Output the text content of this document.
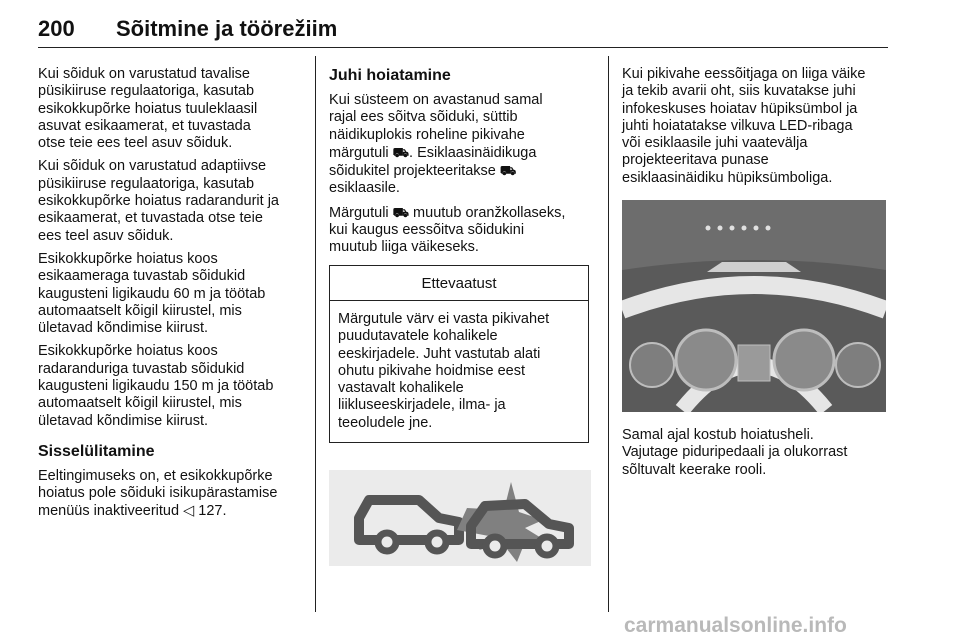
200 Sõitmine ja töörežiim

Kui sõiduk on varustatud tavalise
püsikiiruse regulaatoriga, kasutab
esikokkupõrke hoiatus tuuleklaasil
asuvat esikaamerat, et tuvastada
otse teie ees teel asuv sõiduk.

Kui sõiduk on varustatud adaptiivse
püsikiiruse regulaatoriga, kasutab
esikokkupõrke hoiatus radarandurit ja
esikaamerat, et tuvastada otse teie
ees teel asuv sõiduk.

Esikokkupõrke hoiatus koos
esikaameraga tuvastab sõidukid
kaugusteni ligikaudu 60 m ja töötab
automaatselt kõigil kiirustel, mis
ületavad kõndimise kiirust.

Esikokkupõrke hoiatus koos
radaranduriga tuvastab sõidukid
kaugusteni ligikaudu 150 m ja töötab
automaatselt kõigil kiirustel, mis
ületavad kõndimise kiirust.

Sisselülitamine

Eeltingimuseks on, et esikokkupõrke
hoiatus pole sõiduki isikupärastamise
menüüs inaktiveeritud ◁ 127.

Juhi hoiatamine

Kui süsteem on avastanud samal
rajal ees sõitva sõiduki, süttib
näidikuplokis roheline pikivahe
märgutuli ⛟. Esiklaasinäidikuga
sõidukitel projekteeritakse ⛟
esiklaasile.

Märgutuli ⛟ muutub oranžkollaseks,
kui kaugus eessõitva sõidukini
muutub liiga väikeseks.

Ettevaatust
Märgutule värv ei vasta pikivahet
puudutavatele kohalikele
eeskirjadele. Juht vastutab alati
ohutu pikivahe hoidmise eest
vastavalt kohalikele
liikluseeskirjadele, ilma- ja
teeoludele jne.

Kui pikivahe eessõitjaga on liiga väike
ja tekib avarii oht, siis kuvatakse juhi
infokeskuses hoiatav hüpiksümbol ja
juhti hoiatatakse vilkuva LED-ribaga
või esiklaasile juhi vaatevälja
projekteeritava punase
esiklaasinäidiku hüpiksümboliga.

Samal ajal kostub hoiatusheli.
Vajutage piduripedaali ja olukorrast
sõltuvalt keerake rooli.
carmanualsonline.info
